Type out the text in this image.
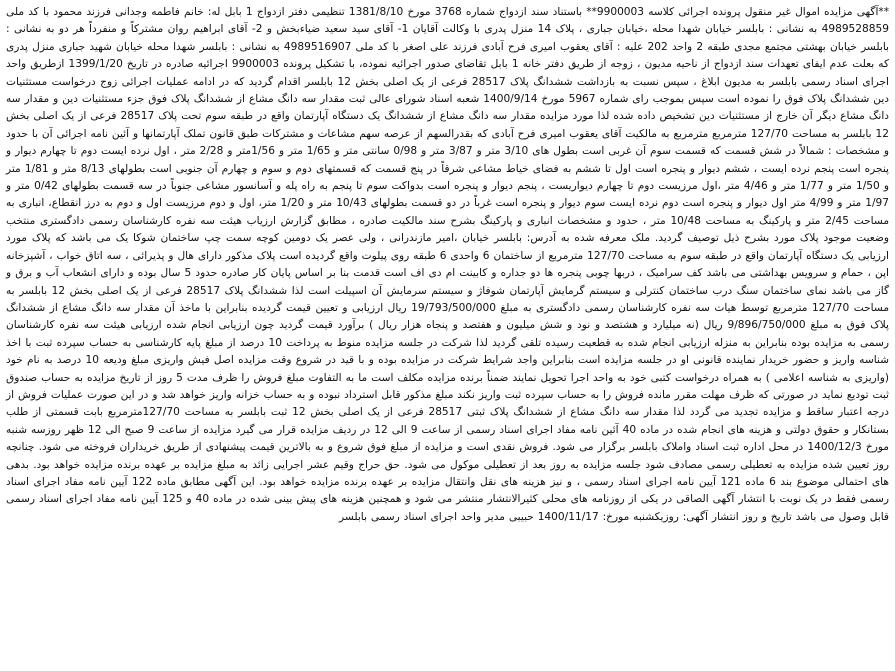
**آگهی مزایده اموال غیر منقول پرونده اجرائی کلاسه 9900003** باستناد سند ازدواج شماره 3768 مورخ 1381/8/10 تنظیمی دفتر ازدواج 1 بابل له: خانم فاطمه وجدانی فرزند محمود با کد ملی 4989528859 به نشانی : بابلسر خیابان شهدا محله ،خیابان جباری ، پلاک 14 منزل پدری با وکالت آقایان 1- آقای سید سعید ضیاءبخش و 2- آقای ابراهیم روان مشترکاً و منفرداً هر دو به نشانی : بابلسر خیابان بهشتی مجتمع مجدی طبقه 2 واحد 202 علیه : آقای یعقوب امیری فرح آبادی فرزند علی اصغر با کد ملی 4989516907 به نشانی : بابلسر شهدا محله خیابان شهید جباری منزل پدری که بعلت عدم ایفای تعهدات سند ازدواج از ناحیه مدیون ، زوجه از طریق دفتر خانه 1 بابل تقاضای صدور اجرائیه نموده، با تشکیل پرونده 9900003 اجرائیه صادره در تاریخ 1399/1/20 ازطریق واحد اجرای اسناد رسمی بابلسر به مدیون ابلاغ ، سپس نسبت به بازداشت ششدانگ پلاک 28517 فرعی از یک اصلی بخش 12 بابلسر اقدام گردید که در ادامه عملیات اجرائی زوج درخواست مستثنیات دین ششدانگ پلاک فوق را نموده است سپس بموجب رای شماره 5967 مورخ 1400/9/14 شعبه اسناد شورای عالی ثبت مقدار سه دانگ مشاع از ششدانگ پلاک فوق جزء مستثنیات دین و مقدار سه دانگ مشاع دیگر آن خارج از مستثنیات دین تشخیص داده شده لذا مورد مزایده مقدار سه دانگ مشاع از ششدانگ یک دستگاه آپارتمان واقع در طبقه سوم تحت پلاک 28517 فرعی از یک اصلی بخش 12 بابلسر به مساحت 127/70 مترمربع مترمربع به مالکیت آقای یعقوب امیری فرح آبادی که بقدرالسهم از عرصه سهم مشاعات و مشترکات طبق قانون تملک آپارتمانها و آئین نامه اجرائی آن با حدود و مشخصات : شمالاً در شش قسمت که قسمت سوم آن غربی است بطول های 3/10 متر و 3/87 متر و 0/98 سانتی متر و 1/65 متر و 1/56متر و 2/28 متر ، اول نرده ایست دوم تا چهارم دیوار و پنجره است پنجم نرده ایست ، ششم دیوار و پنجره است اول تا ششم به فضای خیاط مشاعی شرقاً در پنج قسمت که قسمتهای دوم و سوم و چهارم آن جنوبی است بطولهای 8/13 متر و 1/81 متر و 1/50 متر و 1/77 متر و 4/46 متر ،اول مرزیست دوم تا چهارم دیواریست ، پنجم دیوار و پنجره است بدواکت سوم تا پنجم به راه پله و آسانسور مشاعی جنوباً در سه قسمت بطولهای 0/42 متر و 1/97 متر و 4/99 متر اول دیوار و پنجره است دوم نرده ایست سوم دیوار و پنجره است غرباً در دو قسمت بطولهای 10/43 متر و 1/20 متر، اول و دوم مرزیست اول و دوم به درز انقطاع، انباری به مساحت 2/45 متر و پارکینگ به مساحت 10/48 متر ، حدود و مشخصات انباری و پارکینگ بشرح سند مالکیت صادره ، مطابق گزارش ارزیاب هیئت سه نفره کارشناسان رسمی دادگستری منتخب وضعیت موجود پلاک مورد بشرح ذیل توصیف گردید. ملک معرفه شده به آدرس: بابلسر خیابان ،امیر مازندرانی ، ولی عصر یک دومین کوچه سمت چپ ساختمان شوکا یک می باشد که پلاک مورد ارزیابی یک دستگاه آپارتمان واقع در طبقه سوم به مساحت 127/70 مترمربع از ساختمان 6 واحدی 6 طبقه روی پیلوت واقع گردیده است پلاک مذکور دارای هال و پذیرائی ، سه اتاق خواب ، آشپزخانه اپن ، حمام و سرویس بهداشتی می باشد کف سرامیک ، دربها چوبی پنجره ها دو جداره و کابینت ام دی اف است قدمت بنا بر اساس پایان کار صادره حدود 5 سال بوده و دارای انشعاب آب و برق و گاز می باشد نمای ساختمان سنگ درب ساختمان کنترلی و سیستم گرمایش آپارتمان شوفاژ و سیستم سرمایش آن اسپیلت است لذا ششدانگ پلاک 28517 فرعی از یک اصلی بخش 12 بابلسر به مساحت 127/70 مترمربع توسط هیات سه نفره کارشناسان رسمی دادگستری به مبلغ 19/793/500/000 ریال ارزیابی و تعیین قیمت گردیده بنابراین با ماخذ آن مقدار سه دانگ مشاع از ششدانگ پلاک فوق به مبلغ 9/896/750/000 ریال (نه میلیارد و هشتصد و نود و شش میلیون و هفتصد و پنجاه هزار ریال ) برآورد قیمت گردید چون ارزیابی انجام شده ارزیابی هیئت سه نفره کارشناسان رسمی به مزایده بوده بنابراین به منزله ارزیابی انجام شده به قطعیت رسیده تلقی گردید لذا شرکت در جلسه مزایده منوط به پرداخت 10 درصد از مبلغ پایه کارشناسی به حساب سپرده ثبت با اخذ شناسه واریز و حضور خریدار نماینده قانونی او در جلسه مزایده است بنابراین واجد شرایط شرکت در مزایده بوده و با قید در شروع وقت مزایده اصل فیش واریزی مبلغ ودیعه 10 درصد به نام خود (واریزی به شناسه اعلامی ) به همراه درخواست کتبی خود به واحد اجرا تحویل نمایند ضمناً برنده مزایده مکلف است ما به التفاوت مبلغ فروش را ظرف مدت 5 روز از تاریخ مزایده به حساب صندوق ثبت تودیع نماید در صورتی که ظرف مهلت مقرر مانده فروش را به حساب سپرده ثبت واریز نکند مبلغ مذکور قابل استرداد نبوده و به حساب خزانه واریز خواهد شد و در این صورت عملیات فروش از درجه اعتبار ساقط و مزایده تجدید می گردد لذا مقدار سه دانگ مشاع از ششدانگ پلاک ثبتی 28517 فرعی از یک اصلی بخش 12 ثبت بابلسر به مساحت 127/70مترمربع بابت قسمتی از طلب بستانکار و حقوق دولتی و هزینه های انجام شده در ماده 40 آئین نامه مفاد اجرای اسناد رسمی از ساعت 9 الی 12 در ردیف مزایده قرار می گیرد مزایده از ساعت 9 صبح الی 12 ظهر روزسه شنبه مورخ 1400/12/3 در محل اداره ثبت اسناد واملاک بابلسر برگزار می شود. فروش نقدی است و مزایده از مبلغ فوق شروع و به بالاترین قیمت پیشنهادی از طریق خریداران فروخته می شود. چنانچه روز تعیین شده مزایده به تعطیلی رسمی مصادف شود جلسه مزایده به روز بعد از تعطیلی موکول می شود. حق حراج وقیم عشر اجرایی زائد به مبلغ مزایده بر عهده برنده مزایده خواهد بود. بدهی های احتمالی موضوع بند 6 ماده 121 آیین نامه اجرای اسناد رسمی ، و نیز هزینه های نقل وانتقال مزایده بر عهده برنده مزایده خواهد بود. این آگهی مطابق ماده 122 آیین نامه مفاد اجرای اسناد رسمی فقط در یک نوبت با انتشار آگهی الصاقی در یکی از روزنامه های محلی کثیرالانتشار منتشر می شود و همچنین هزینه های پیش بینی شده در ماده 40 و 125 آیین نامه مفاد اجرای اسناد رسمی قابل وصول می باشد تاریخ و روز انتشار آگهی: روزیکشنبه مورخ: 1400/11/17 حبیبی مدیر واحد اجرای اسناد رسمی بابلسر
